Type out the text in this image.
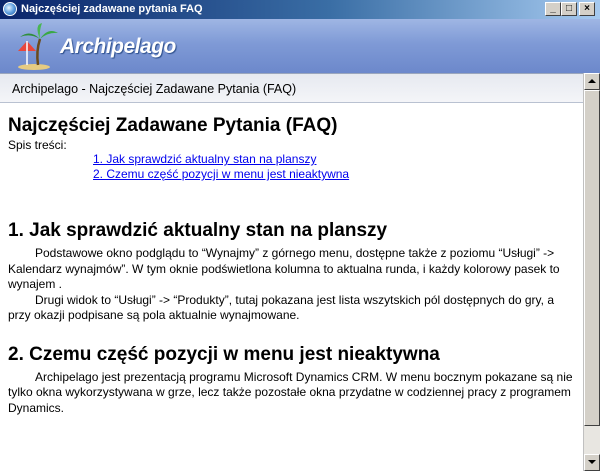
Najczęściej zadawane pytania FAQ	_	□	×
Archipelago
Archipelago - Najczęściej Zadawane Pytania (FAQ)
Najczęściej Zadawane Pytania (FAQ)
Spis treści:
1. Jak sprawdzić aktualny stan na planszy
2. Czemu część pozycji w menu jest nieaktywna
1. Jak sprawdzić aktualny stan na planszy

Podstawowe okno podglądu to “Wynajmy” z górnego menu, dostępne także z poziomu “Usługi” -> Kalendarz wynajmów”. W tym oknie podświetlona kolumna to aktualna runda, i każdy kolorowy pasek to wynajem .

Drugi widok to “Usługi” -> “Produkty”, tutaj pokazana jest lista wszytskich pól dostępnych do gry, a przy okazji podpisane są pola aktualnie wynajmowane.

2. Czemu część pozycji w menu jest nieaktywna

Archipelago jest prezentacją programu Microsoft Dynamics CRM. W menu bocznym pokazane są nie tylko okna wykorzystywana w grze, lecz także pozostałe okna przydatne w codziennej pracy z programem Dynamics.
